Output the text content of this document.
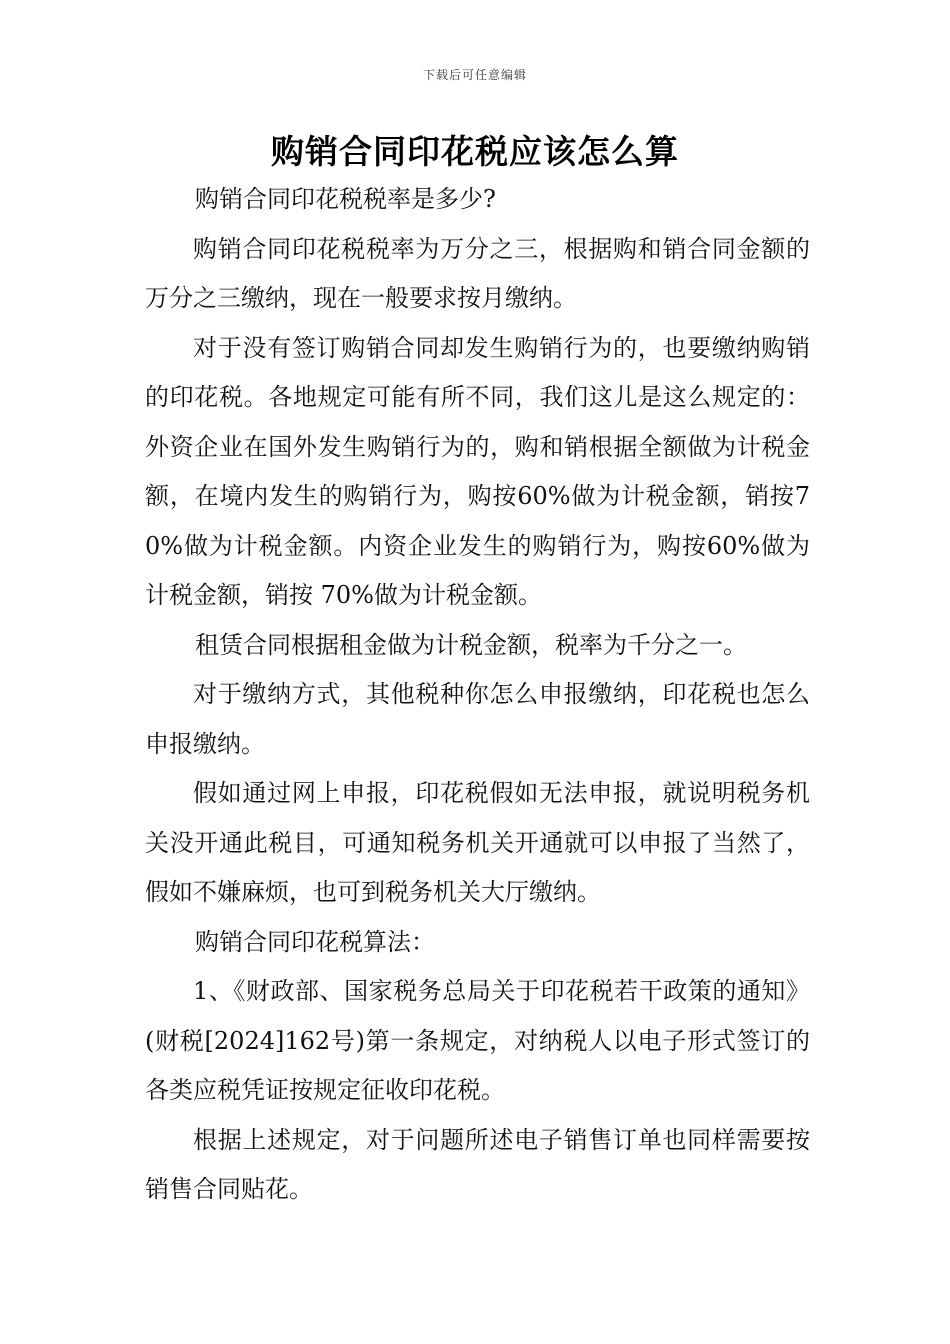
下载后可任意编辑
购销合同印花税应该怎么算

购销合同印花税税率是多少?

购销合同印花税税率为万分之三，根据购和销合同金额的万分之三缴纳，现在一般要求按月缴纳。

对于没有签订购销合同却发生购销行为的，也要缴纳购销的印花税。各地规定可能有所不同，我们这儿是这么规定的：外资企业在国外发生购销行为的，购和销根据全额做为计税金额，在境内发生的购销行为，购按60%做为计税金额，销按70%做为计税金额。内资企业发生的购销行为，购按60%做为计税金额，销按 70%做为计税金额。

租赁合同根据租金做为计税金额，税率为千分之一。

对于缴纳方式，其他税种你怎么申报缴纳，印花税也怎么申报缴纳。

假如通过网上申报，印花税假如无法申报，就说明税务机关没开通此税目，可通知税务机关开通就可以申报了当然了，假如不嫌麻烦，也可到税务机关大厅缴纳。

购销合同印花税算法：

1、《财政部、国家税务总局关于印花税若干政策的通知》(财税[2024]162号)第一条规定，对纳税人以电子形式签订的各类应税凭证按规定征收印花税。

根据上述规定，对于问题所述电子销售订单也同样需要按销售合同贴花。
